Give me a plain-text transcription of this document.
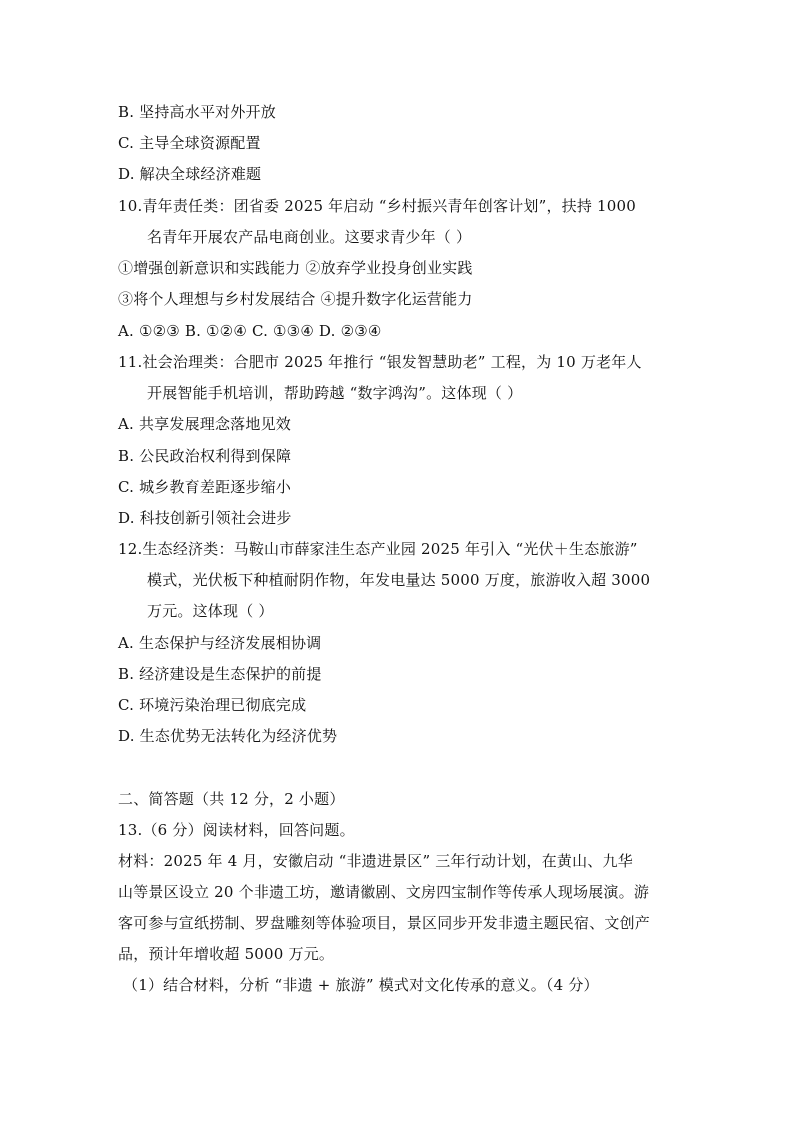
B. 坚持高水平对外开放
C. 主导全球资源配置
D. 解决全球经济难题
10.青年责任类：团省委 2025 年启动 “乡村振兴青年创客计划”，扶持 1000
名青年开展农产品电商创业。这要求青少年（ ）
①增强创新意识和实践能力 ②放弃学业投身创业实践
③将个人理想与乡村发展结合 ④提升数字化运营能力
A. ①②③ B. ①②④ C. ①③④ D. ②③④
11.社会治理类：合肥市 2025 年推行 “银发智慧助老” 工程，为 10 万老年人
开展智能手机培训，帮助跨越 “数字鸿沟”。这体现（ ）
A. 共享发展理念落地见效
B. 公民政治权利得到保障
C. 城乡教育差距逐步缩小
D. 科技创新引领社会进步
12.生态经济类：马鞍山市薛家洼生态产业园 2025 年引入 “光伏＋生态旅游”
模式，光伏板下种植耐阴作物，年发电量达 5000 万度，旅游收入超 3000
万元。这体现（ ）
A. 生态保护与经济发展相协调
B. 经济建设是生态保护的前提
C. 环境污染治理已彻底完成
D. 生态优势无法转化为经济优势
二、简答题（共 12 分，2 小题）
13.（6 分）阅读材料，回答问题。
材料：2025 年 4 月，安徽启动 “非遗进景区” 三年行动计划，在黄山、九华
山等景区设立 20 个非遗工坊，邀请徽剧、文房四宝制作等传承人现场展演。游
客可参与宣纸捞制、罗盘雕刻等体验项目，景区同步开发非遗主题民宿、文创产
品，预计年增收超 5000 万元。
（1）结合材料，分析 “非遗 + 旅游” 模式对文化传承的意义。（4 分）
